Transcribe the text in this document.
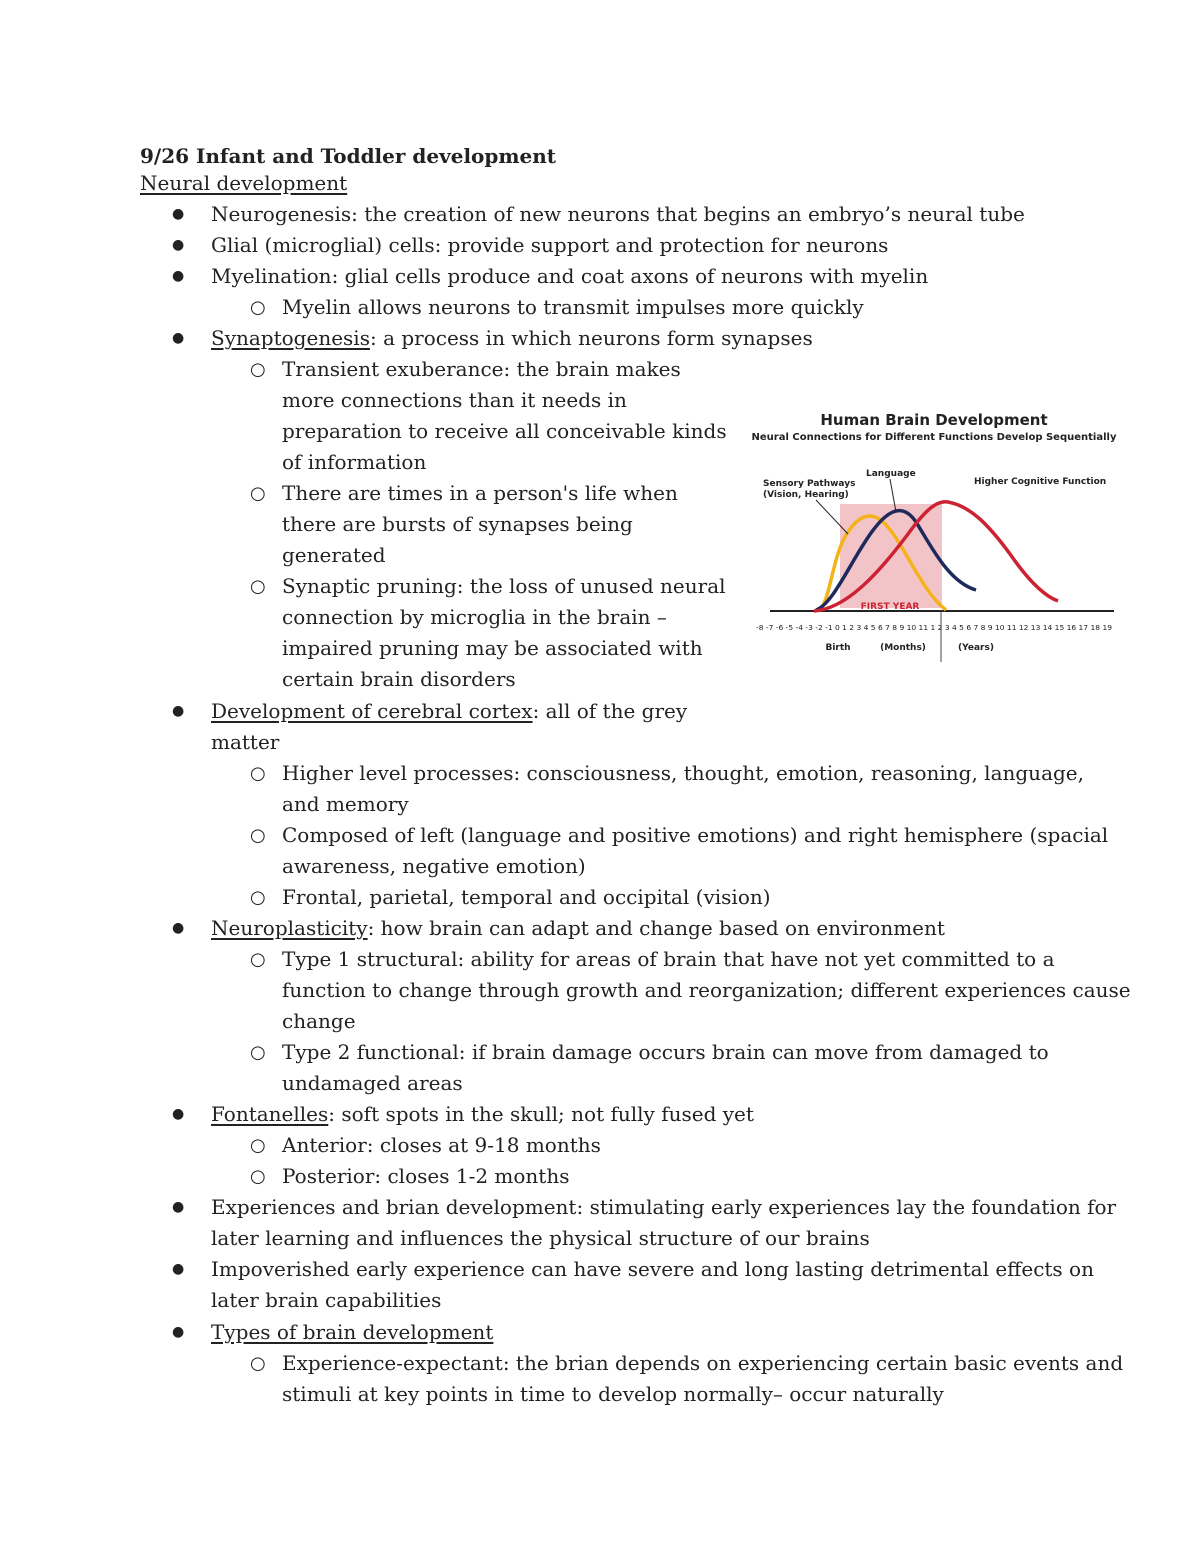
9/26 Infant and Toddler development
Neural development
● Neurogenesis: the creation of new neurons that begins an embryo’s neural tube
● Glial (microglial) cells: provide support and protection for neurons
● Myelination: glial cells produce and coat axons of neurons with myelin
○ Myelin allows neurons to transmit impulses more quickly
● Synaptogenesis: a process in which neurons form synapses
○ Transient exuberance: the brain makes
more connections than it needs in
preparation to receive all conceivable kinds
of information
○ There are times in a person's life when
there are bursts of synapses being
generated
○ Synaptic pruning: the loss of unused neural
connection by microglia in the brain –
impaired pruning may be associated with
certain brain disorders
● Development of cerebral cortex: all of the grey
matter
○ Higher level processes: consciousness, thought, emotion, reasoning, language,
and memory
○ Composed of left (language and positive emotions) and right hemisphere (spacial
awareness, negative emotion)
○ Frontal, parietal, temporal and occipital (vision)
● Neuroplasticity: how brain can adapt and change based on environment
○ Type 1 structural: ability for areas of brain that have not yet committed to a
function to change through growth and reorganization; different experiences cause
change
○ Type 2 functional: if brain damage occurs brain can move from damaged to
undamaged areas
● Fontanelles: soft spots in the skull; not fully fused yet
○ Anterior: closes at 9-18 months
○ Posterior: closes 1-2 months
● Experiences and brian development: stimulating early experiences lay the foundation for
later learning and influences the physical structure of our brains
● Impoverished early experience can have severe and long lasting detrimental effects on
later brain capabilities
● Types of brain development
○ Experience-expectant: the brian depends on experiencing certain basic events and
stimuli at key points in time to develop normally– occur naturally
Human Brain Development
Neural Connections for Different Functions Develop Sequentially
FIRST YEAR
Sensory Pathways
(Vision, Hearing)
Language
Higher Cognitive Function
-8 -7 -6 -5 -4 -3 -2 -1 0 1 2 3 4 5 6 7 8 9 10 11 1 2 3 4 5 6 7 8 9 10 11 12 13 14 15 16 17 18 19
Birth	(Months)	(Years)
